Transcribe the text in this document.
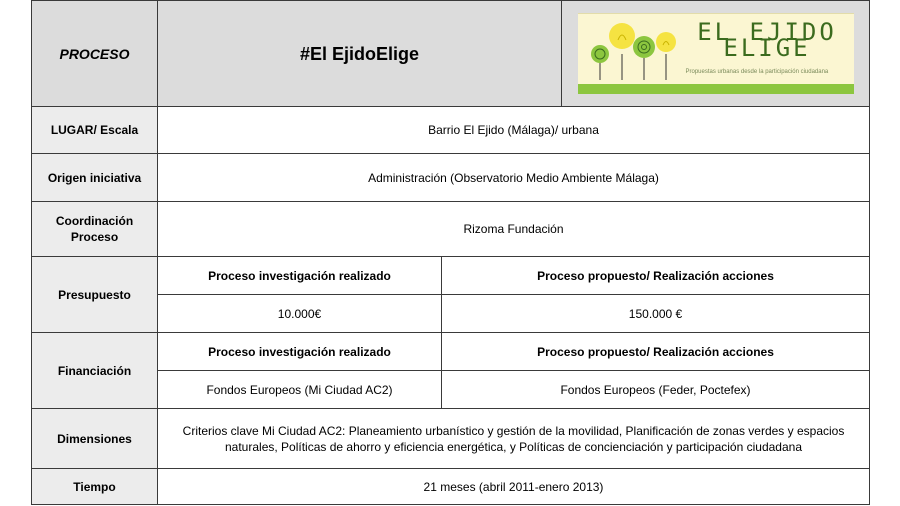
PROCESO	#El EjidoElige		EL EJIDO ELIGE
Propuestas urbanas desde la participación ciudadana

LUGAR/ Escala	Barrio El Ejido (Málaga)/ urbana		
Origen iniciativa	Administración (Observatorio Medio Ambiente Málaga)		
Coordinación Proceso	Rizoma Fundación		
Presupuesto	Proceso investigación realizado	Proceso propuesto/ Realización acciones	
	10.000€	150.000 €	
Financiación	Proceso investigación realizado	Proceso propuesto/ Realización acciones	
	Fondos Europeos (Mi Ciudad AC2)	Fondos Europeos (Feder, Poctefex)	
Dimensiones	Criterios clave Mi Ciudad AC2: Planeamiento urbanístico y gestión de la movilidad, Planificación de zonas verdes y espacios naturales, Políticas de ahorro y eficiencia energética, y Políticas de concienciación y participación ciudadana		
Tiempo	21 meses (abril 2011-enero 2013)		
